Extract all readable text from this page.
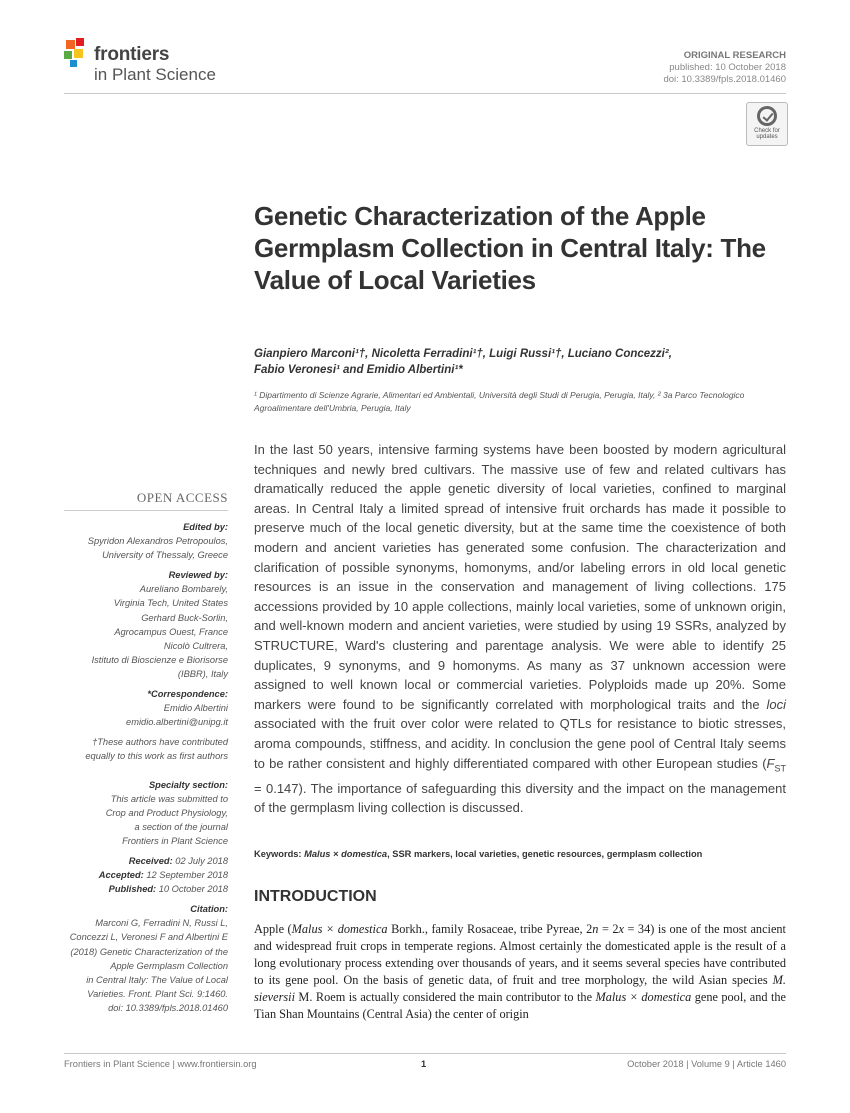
frontiers
in Plant Science
ORIGINAL RESEARCH
published: 10 October 2018
doi: 10.3389/fpls.2018.01460
Check for
updates
Genetic Characterization of the Apple Germplasm Collection in Central Italy: The Value of Local Varieties
Gianpiero Marconi¹†, Nicoletta Ferradini¹†, Luigi Russi¹†, Luciano Concezzi²,
Fabio Veronesi¹ and Emidio Albertini¹*
¹ Dipartimento di Scienze Agrarie, Alimentari ed Ambientali, Università degli Studi di Perugia, Perugia, Italy, ² 3a Parco Tecnologico Agroalimentare dell'Umbria, Perugia, Italy
In the last 50 years, intensive farming systems have been boosted by modern agricultural techniques and newly bred cultivars. The massive use of few and related cultivars has dramatically reduced the apple genetic diversity of local varieties, confined to marginal areas. In Central Italy a limited spread of intensive fruit orchards has made it possible to preserve much of the local genetic diversity, but at the same time the coexistence of both modern and ancient varieties has generated some confusion. The characterization and clarification of possible synonyms, homonyms, and/or labeling errors in old local genetic resources is an issue in the conservation and management of living collections. 175 accessions provided by 10 apple collections, mainly local varieties, some of unknown origin, and well-known modern and ancient varieties, were studied by using 19 SSRs, analyzed by STRUCTURE, Ward's clustering and parentage analysis. We were able to identify 25 duplicates, 9 synonyms, and 9 homonyms. As many as 37 unknown accession were assigned to well known local or commercial varieties. Polyploids made up 20%. Some markers were found to be significantly correlated with morphological traits and the loci associated with the fruit over color were related to QTLs for resistance to biotic stresses, aroma compounds, stiffness, and acidity. In conclusion the gene pool of Central Italy seems to be rather consistent and highly differentiated compared with other European studies $(F_{ST} = 0.147)$. The importance of safeguarding this diversity and the impact on the management of the germplasm living collection is discussed.
Keywords: Malus × domestica, SSR markers, local varieties, genetic resources, germplasm collection
INTRODUCTION
Apple (Malus × domestica Borkh., family Rosaceae, tribe Pyreae, 2n = 2x = 34) is one of the most ancient and widespread fruit crops in temperate regions. Almost certainly the domesticated apple is the result of a long evolutionary process extending over thousands of years, and it seems several species have contributed to its gene pool. On the basis of genetic data, of fruit and tree morphology, the wild Asian species M. sieversii M. Roem is actually considered the main contributor to the Malus × domestica gene pool, and the Tian Shan Mountains (Central Asia) the center of origin
OPEN ACCESS
Edited by:
Spyridon Alexandros Petropoulos,
University of Thessaly, Greece
Reviewed by:
Aureliano Bombarely,
Virginia Tech, United States
Gerhard Buck-Sorlin,
Agrocampus Ouest, France
Nicolò Cultrera,
Istituto di Bioscienze e Biorisorse
(IBBR), Italy
*Correspondence:
Emidio Albertini
emidio.albertini@unipg.it
†These authors have contributed
equally to this work as first authors
Specialty section:
This article was submitted to
Crop and Product Physiology,
a section of the journal
Frontiers in Plant Science
Received: 02 July 2018
Accepted: 12 September 2018
Published: 10 October 2018
Citation:
Marconi G, Ferradini N, Russi L,
Concezzi L, Veronesi F and Albertini E
(2018) Genetic Characterization of the
Apple Germplasm Collection
in Central Italy: The Value of Local
Varieties. Front. Plant Sci. 9:1460.
doi: 10.3389/fpls.2018.01460
Frontiers in Plant Science | www.frontiersin.org	1	October 2018 | Volume 9 | Article 1460
